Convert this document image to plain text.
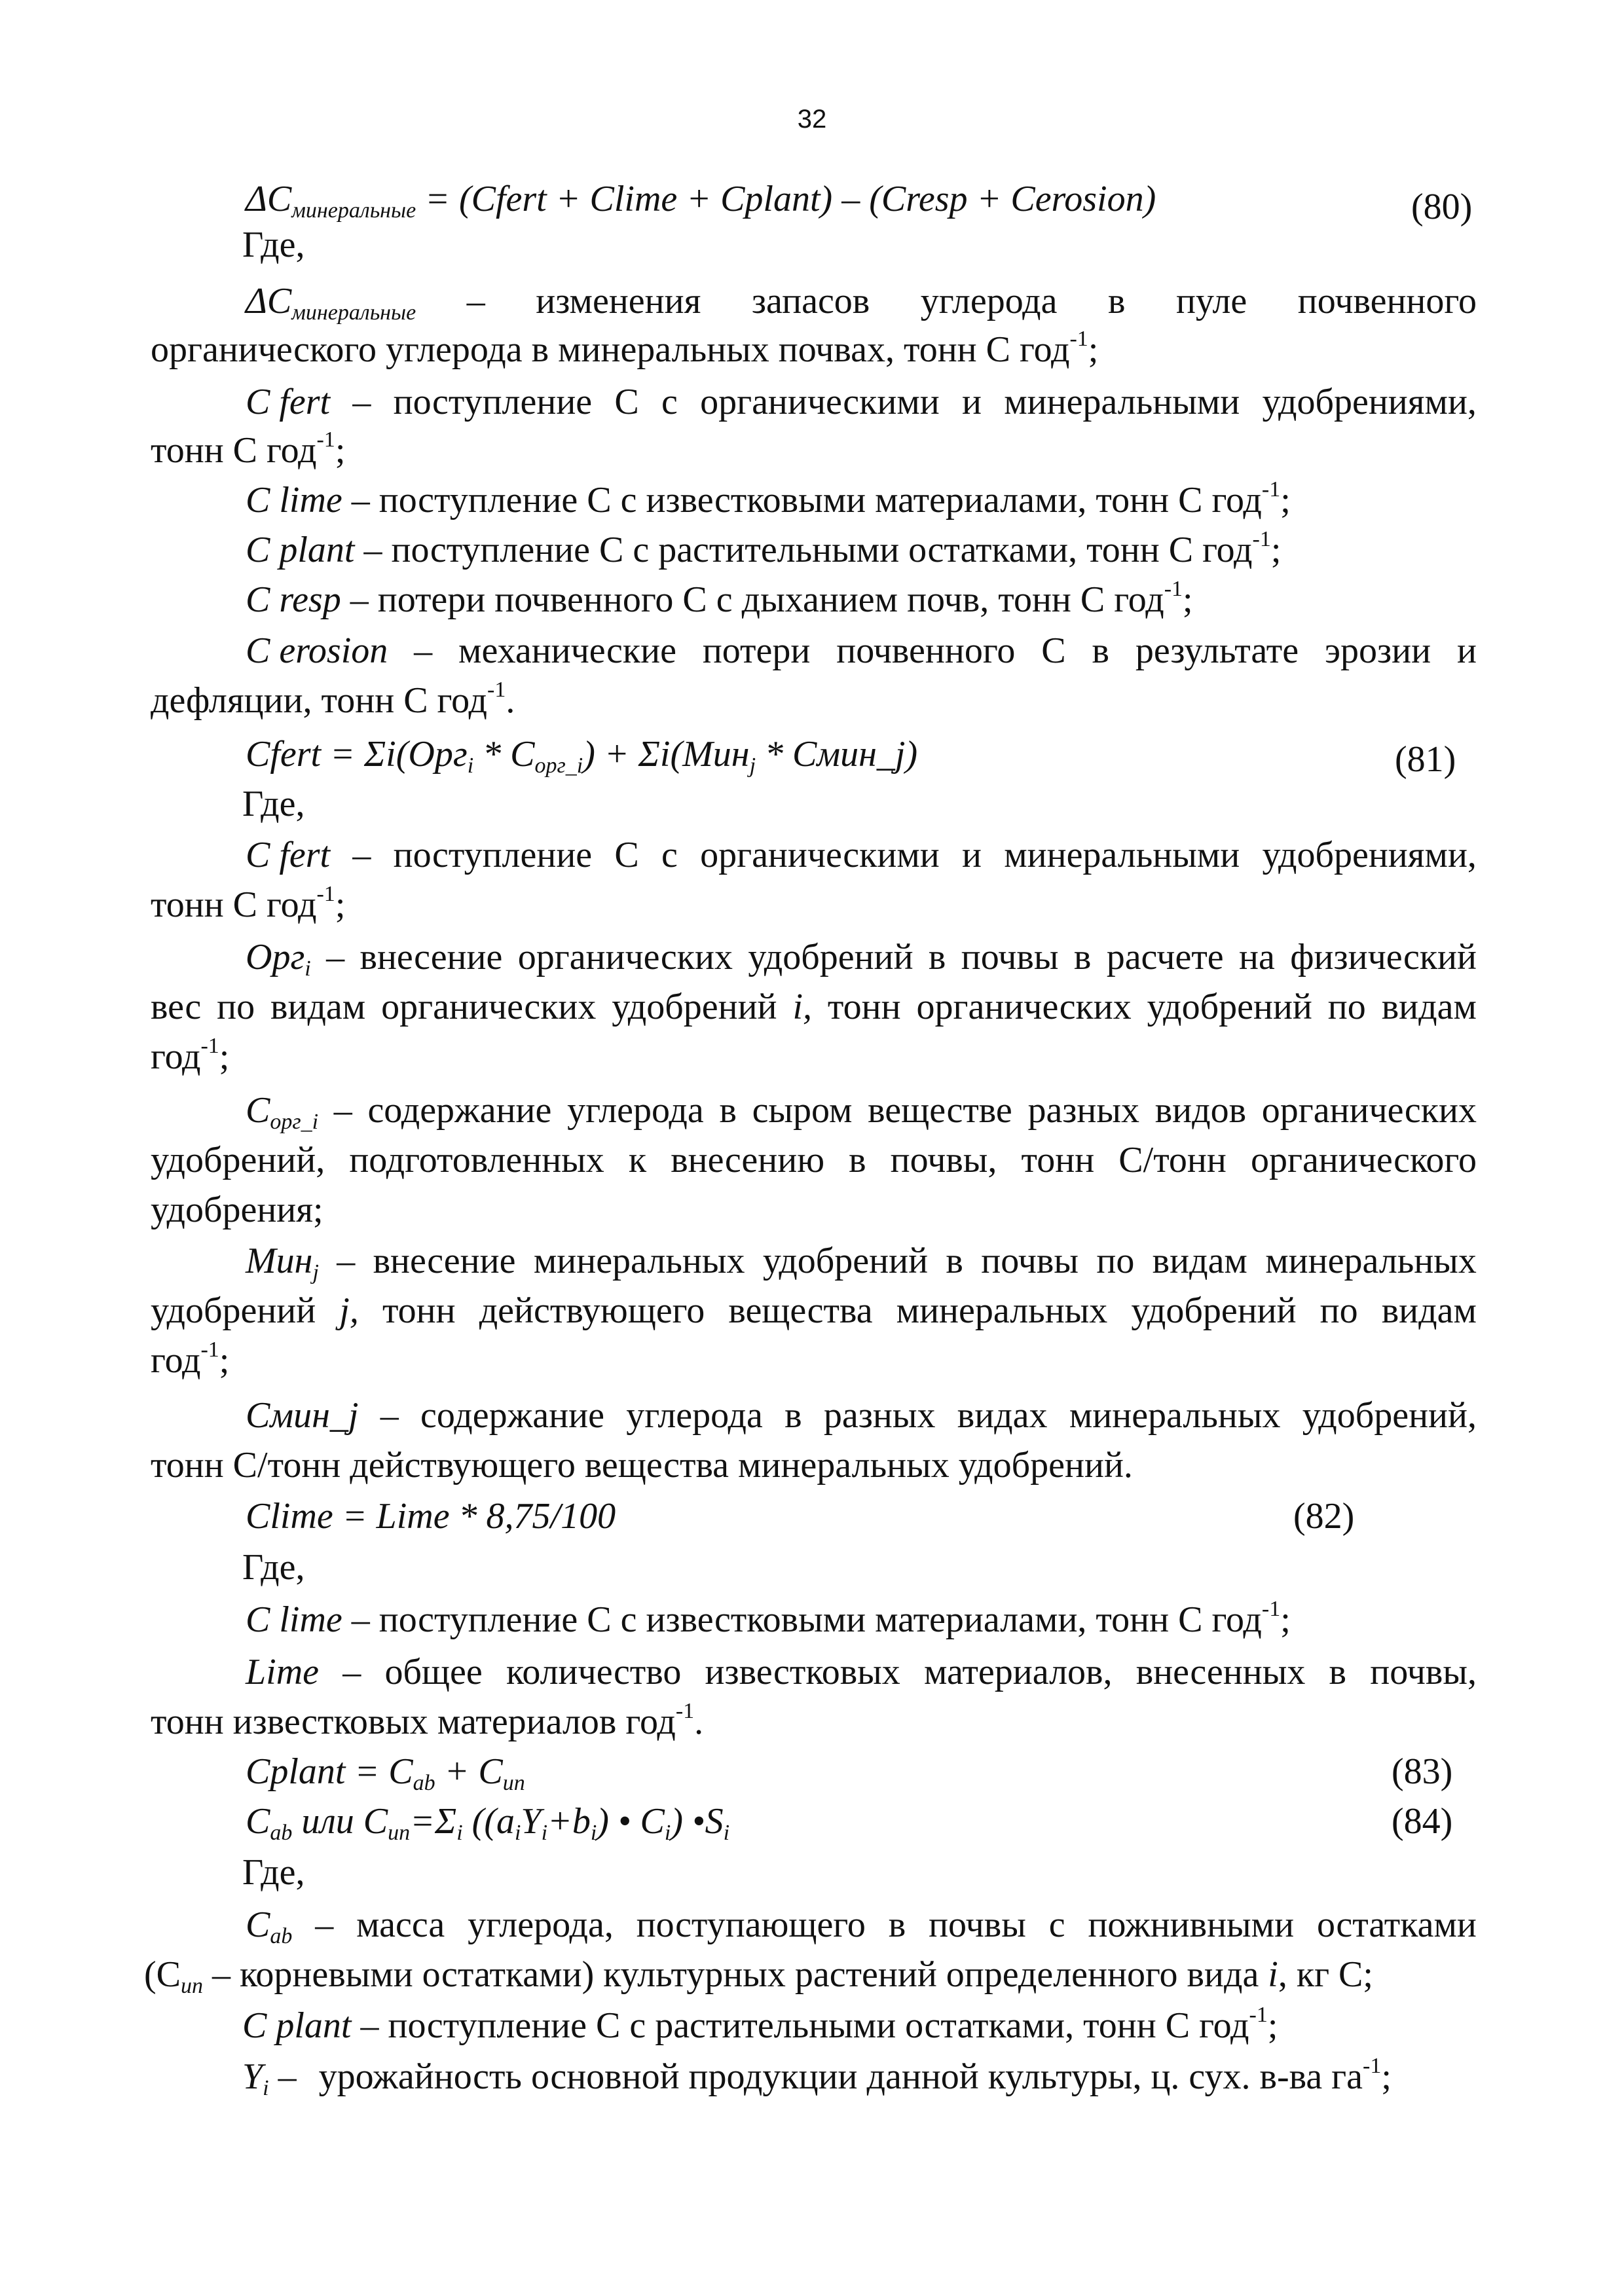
32
$\Delta C_{минеральные}$ = (Cfert + Clime + Cplant) – (Cresp + Cerosion)	(80)
Где,
$\Delta C_{минеральные}$ – изменения запасов углерода в пуле почвенного
органического углерода в минеральных почвах, тонн С год$^{-1}$;
C fert – поступление С с органическими и минеральными удобрениями,
тонн С год$^{-1}$;
C lime – поступление С с известковыми материалами, тонн С год$^{-1}$;
C plant – поступление С с растительными остатками, тонн С год$^{-1}$;
C resp – потери почвенного С с дыханием почв, тонн С год$^{-1}$;
C erosion – механические потери почвенного С в результате эрозии и
дефляции, тонн С год$^{-1}$.
Cfert = $\Sigma i(Орг_i * C_{орг\_i}) + \Sigma i(Мин_j$ * Смин_j)	(81)
Где,
C fert – поступление С с органическими и минеральными удобрениями,
тонн С год$^{-1}$;
Орг$_i$ – внесение органических удобрений в почвы в расчете на физический
вес по видам органических удобрений i, тонн органических удобрений по видам
год$^{-1}$;
$C_{орг\_i}$ – содержание углерода в сыром веществе разных видов органических
удобрений, подготовленных к внесению в почвы, тонн С/тонн органического
удобрения;
Мин$_j$ – внесение минеральных удобрений в почвы по видам минеральных
удобрений j, тонн действующего вещества минеральных удобрений по видам
год$^{-1}$;
Смин_j – содержание углерода в разных видах минеральных удобрений,
тонн С/тонн действующего вещества минеральных удобрений.
Clime = Lime * 8,75/100	(82)
Где,
C lime – поступление С с известковыми материалами, тонн С год$^{-1}$;
Lime – общее количество известковых материалов, внесенных в почвы,
тонн известковых материалов год$^{-1}$.
Cplant = $C_{ab} + C_{un}$	(83)
$C_{ab}$ или $C_{un}=\Sigma_i$ ($(a_iY_i+b_i)$ • $C_i$) $•S_i$	(84)
Где,
$C_{ab}$ – масса углерода, поступающего в почвы с пожнивными остатками
($C_{un}$ – корневыми остатками) культурных растений определенного вида i, кг С;
C plant – поступление С с растительными остатками, тонн С год$^{-1}$;
$Y_i$ – урожайность основной продукции данной культуры, ц. сух. в-ва $га^{-1}$;
